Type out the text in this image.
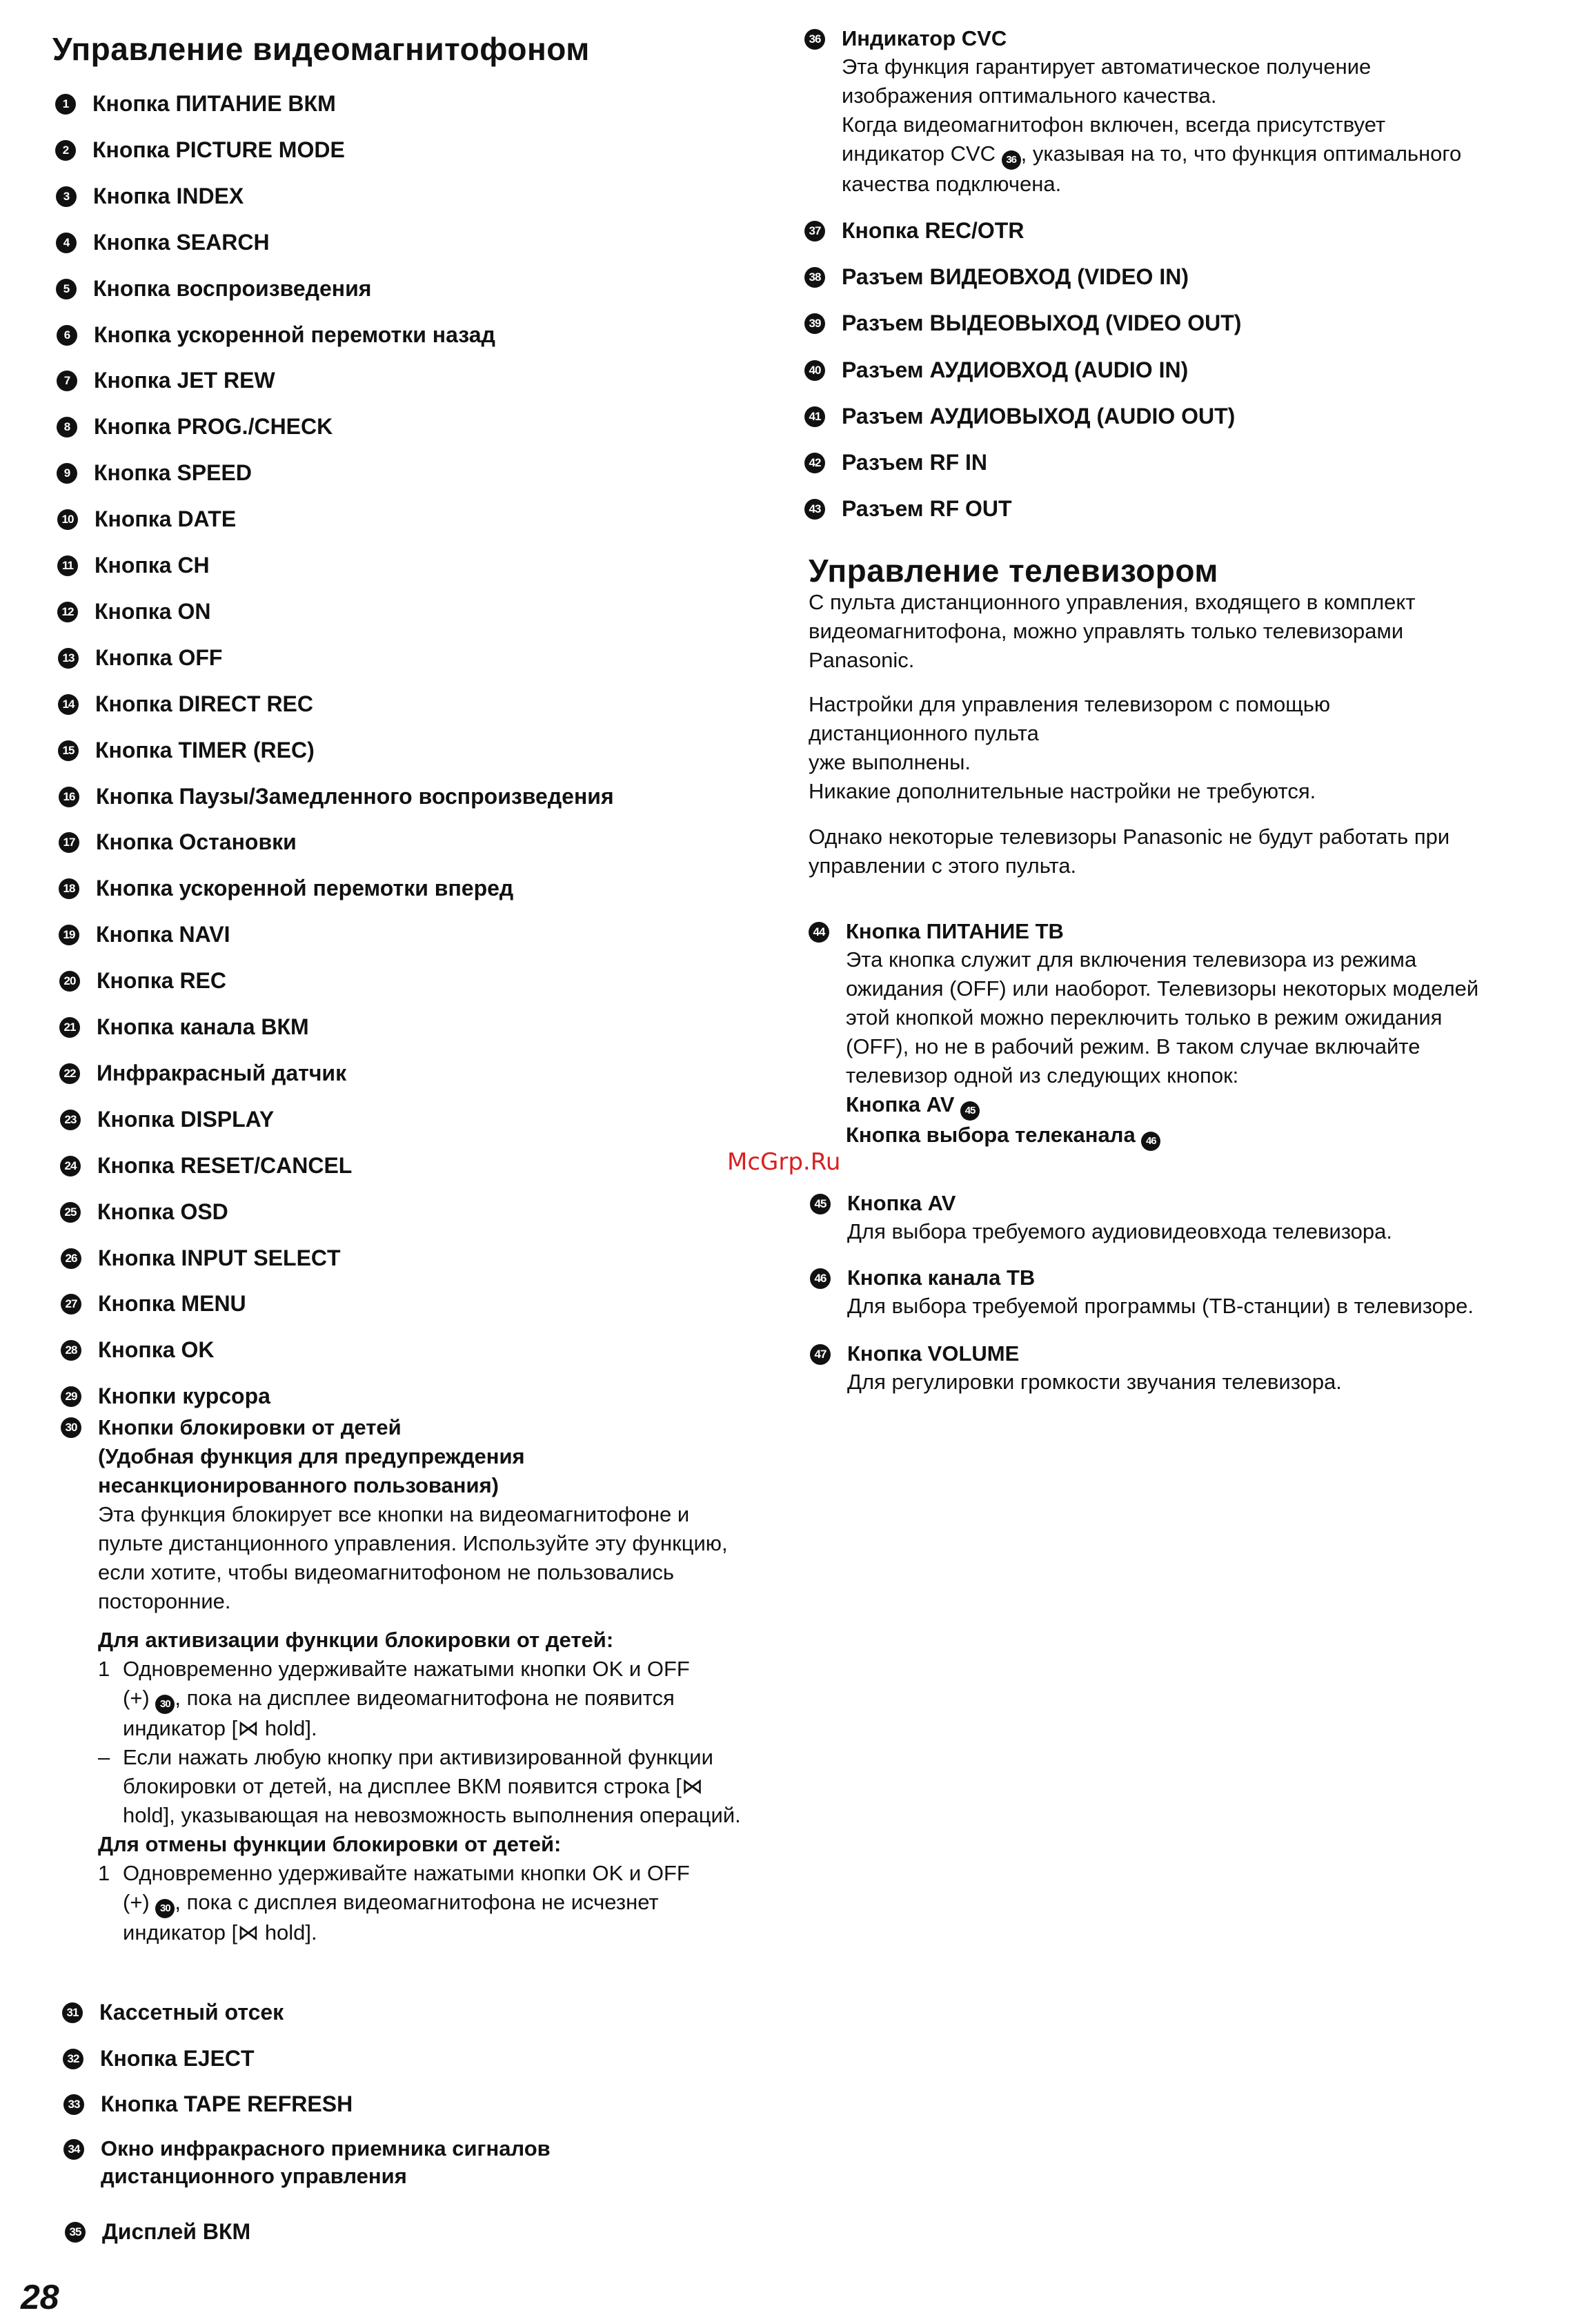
Управление видеомагнитофоном
1	Кнопка ПИТАНИЕ ВКМ
2	Кнопка PICTURE MODE
3	Кнопка INDEX
4	Кнопка SEARCH
5	Кнопка воспроизведения
6	Кнопка ускоренной перемотки назад
7	Кнопка JET REW
8	Кнопка PROG./CHECK
9	Кнопка SPEED
10 Кнопка DATE
11 Кнопка CH
12 Кнопка ON
13 Кнопка OFF
14 Кнопка DIRECT REC
15 Кнопка TIMER (REC)
16 Кнопка Паузы/Замедленного воспроизведения
17 Кнопка Остановки
18 Кнопка ускоренной перемотки вперед
19 Кнопка NAVI
20 Кнопка REC
21 Кнопка канала ВКМ
22 Инфракрасный датчик
23 Кнопка DISPLAY
24 Кнопка RESET/CANCEL
25 Кнопка OSD
26 Кнопка INPUT SELECT
27 Кнопка MENU
28 Кнопка OK
29 Кнопки курсора
30 Кнопки блокировки от детей
(Удобная функция для предупреждения
несанкционированного пользования)
Эта функция блокирует все кнопки на видеомагнитофоне и пульте дистанционного управления. Используйте эту функцию, если хотите, чтобы видеомагнитофоном не пользовались посторонние.
Для активизации функции блокировки от детей:
1 Одновременно удерживайте нажатыми кнопки OK и OFF
(+) 30 , пока на дисплее видеомагнитофона не появится индикатор [⋈ hold].
– Если нажать любую кнопку при активизированной функции блокировки от детей, на дисплее ВКМ появится строка [⋈ hold], указывающая на невозможность выполнения операций.
Для отмены функции блокировки от детей:
1 Одновременно удерживайте нажатыми кнопки OK и OFF
(+) 30 , пока с дисплея видеомагнитофона не исчезнет индикатор [⋈ hold].
31 Кассетный отсек
32 Кнопка EJECT
33 Кнопка TAPE REFRESH
34 Окно инфракрасного приемника сигналов
дистанционного управления
35 Дисплей ВКМ
36 Индикатор CVC
Эта функция гарантирует автоматическое получение
изображения оптимального качества.
Когда видеомагнитофон включен, всегда присутствует
индикатор CVC 36 , указывая на то, что функция оптимального
качества подключена.
37 Кнопка REC/OTR
38 Разъем ВИДЕОВХОД (VIDEO IN)
39 Разъем ВЫДЕОВЫХОД (VIDEO OUT)
40 Разъем АУДИОВХОД (AUDIO IN)
41 Разъем АУДИОВЫХОД (AUDIO OUT)
42 Разъем RF IN
43 Разъем RF OUT
Управление телевизором
С пульта дистанционного управления, входящего в комплект видеомагнитофона, можно управлять только телевизорами Panasonic.
Настройки для управления телевизором с помощью
дистанционного пульта
уже выполнены.
Никакие дополнительные настройки не требуются.
Однако некоторые телевизоры Panasonic не будут работать при управлении с этого пульта.
44 Кнопка ПИТАНИЕ ТВ
Эта кнопка служит для включения телевизора из режима ожидания (OFF) или наоборот. Телевизоры некоторых моделей этой кнопкой можно переключить только в режим ожидания (OFF), но не в рабочий режим. В таком случае включайте телевизор одной из следующих кнопок:
Кнопка AV 45
Кнопка выбора телеканала 46
McGrp.Ru
45 Кнопка AV
Для выбора требуемого аудиовидеовхода телевизора.
46 Кнопка канала ТВ
Для выбора требуемой программы (ТВ-станции) в телевизоре.
47 Кнопка VOLUME
Для регулировки громкости звучания телевизора.
28
